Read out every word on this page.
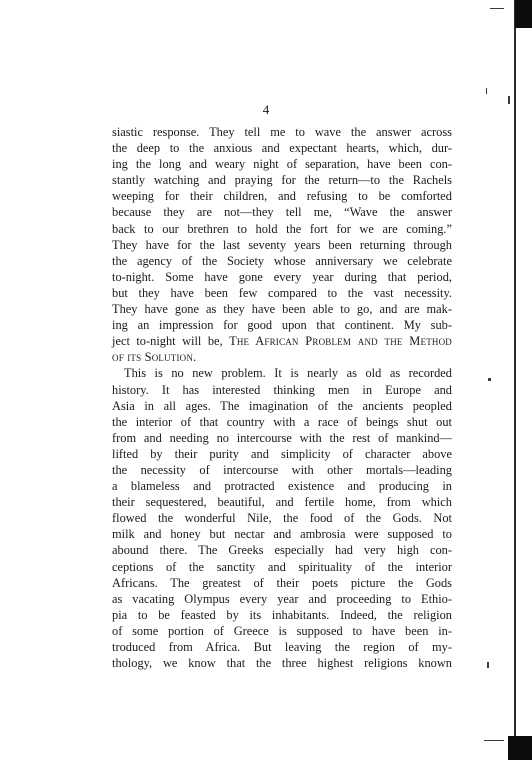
4
siastic response. They tell me to wave the answer across
the deep to the anxious and expectant hearts, which, dur-
ing the long and weary night of separation, have been con-
stantly watching and praying for the return—to the Rachels
weeping for their children, and refusing to be comforted
because they are not—they tell me, “Wave the answer
back to our brethren to hold the fort for we are coming.”
They have for the last seventy years been returning through
the agency of the Society whose anniversary we celebrate
to-night. Some have gone every year during that period,
but they have been few compared to the vast necessity.
They have gone as they have been able to go, and are mak-
ing an impression for good upon that continent. My sub-
ject to-night will be, The African Problem and the Method
of its Solution.
This is no new problem. It is nearly as old as recorded
history. It has interested thinking men in Europe and
Asia in all ages. The imagination of the ancients peopled
the interior of that country with a race of beings shut out
from and needing no intercourse with the rest of mankind—
lifted by their purity and simplicity of character above
the necessity of intercourse with other mortals—leading
a blameless and protracted existence and producing in
their sequestered, beautiful, and fertile home, from which
flowed the wonderful Nile, the food of the Gods. Not
milk and honey but nectar and ambrosia were supposed to
abound there. The Greeks especially had very high con-
ceptions of the sanctity and spirituality of the interior
Africans. The greatest of their poets picture the Gods
as vacating Olympus every year and proceeding to Ethio-
pia to be feasted by its inhabitants. Indeed, the religion
of some portion of Greece is supposed to have been in-
troduced from Africa. But leaving the region of my-
thology, we know that the three highest religions known
